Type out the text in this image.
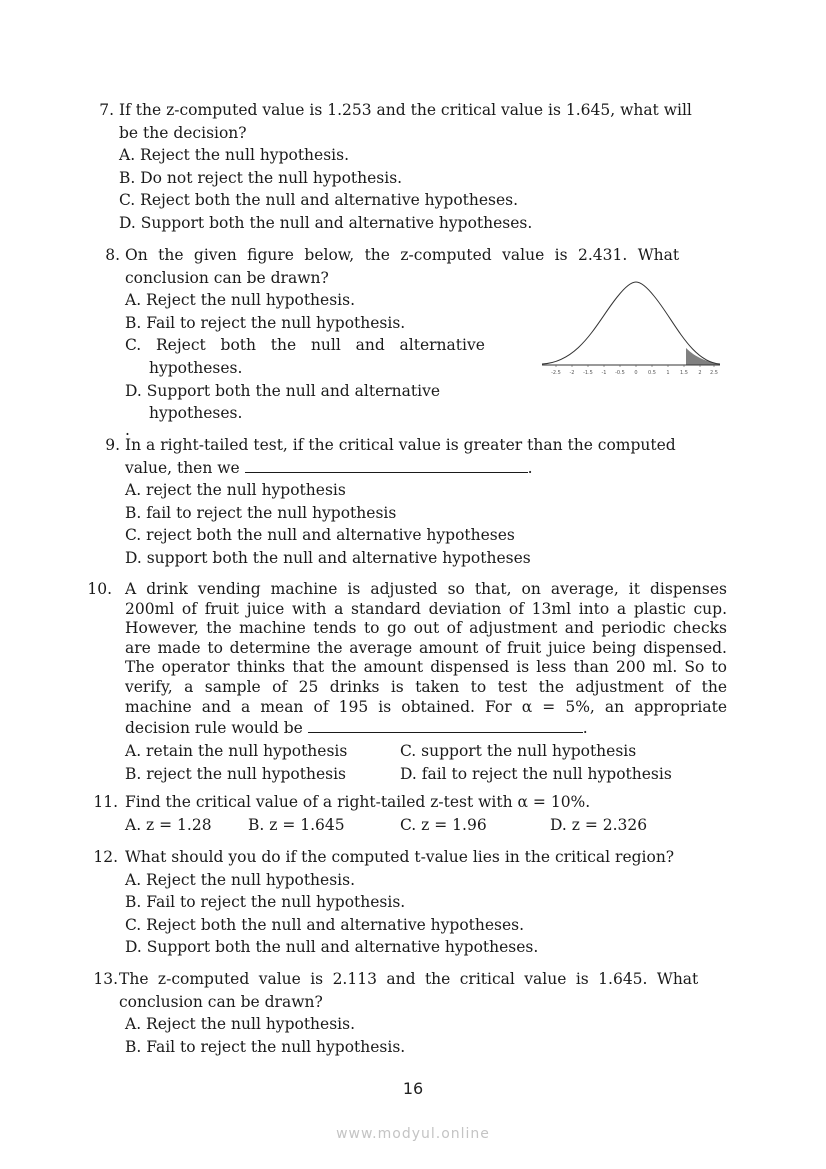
7. If the z-computed value is 1.253 and the critical value is 1.645, what will
be the decision?
A. Reject the null hypothesis.
B. Do not reject the null hypothesis.
C. Reject both the null and alternative hypotheses.
D. Support both the null and alternative hypotheses.
8. On the given figure below, the z-computed value is 2.431. What
conclusion can be drawn?
A. Reject the null hypothesis.
B. Fail to reject the null hypothesis.
C.   Reject   both   the   null   and   alternative
hypotheses.
D. Support both the null and alternative
hypotheses.
.
-2.5 -2 -1.5 -1 -0.5 0 0.5 1 1.5 2 2.5
9. In a right-tailed test, if the critical value is greater than the computed
value, then we	.
A. reject the null hypothesis
B. fail to reject the null hypothesis
C. reject both the null and alternative hypotheses
D. support both the null and alternative hypotheses
10. A drink vending machine is adjusted so that, on average, it dispenses
200ml of fruit juice with a standard deviation of 13ml into a plastic cup.
However, the machine tends to go out of adjustment and periodic checks
are made to determine the average amount of fruit juice being dispensed.
The operator thinks that the amount dispensed is less than 200 ml. So to
verify, a sample of 25 drinks is taken to test the adjustment of the
machine and a mean of 195 is obtained. For α = 5%, an appropriate
decision rule would be	.
A. retain the null hypothesis	C. support the null hypothesis
B. reject the null hypothesis	D. fail to reject the null hypothesis
11. Find the critical value of a right-tailed z-test with α = 10%.
A. z = 1.28 B. z = 1.645	C. z = 1.96	D. z = 2.326
12. What should you do if the computed t-value lies in the critical region?
A. Reject the null hypothesis.
B. Fail to reject the null hypothesis.
C. Reject both the null and alternative hypotheses.
D. Support both the null and alternative hypotheses.
13. The z-computed value is 2.113 and the critical value is 1.645. What
conclusion can be drawn?
A. Reject the null hypothesis.
B. Fail to reject the null hypothesis.
16
www.modyul.online
